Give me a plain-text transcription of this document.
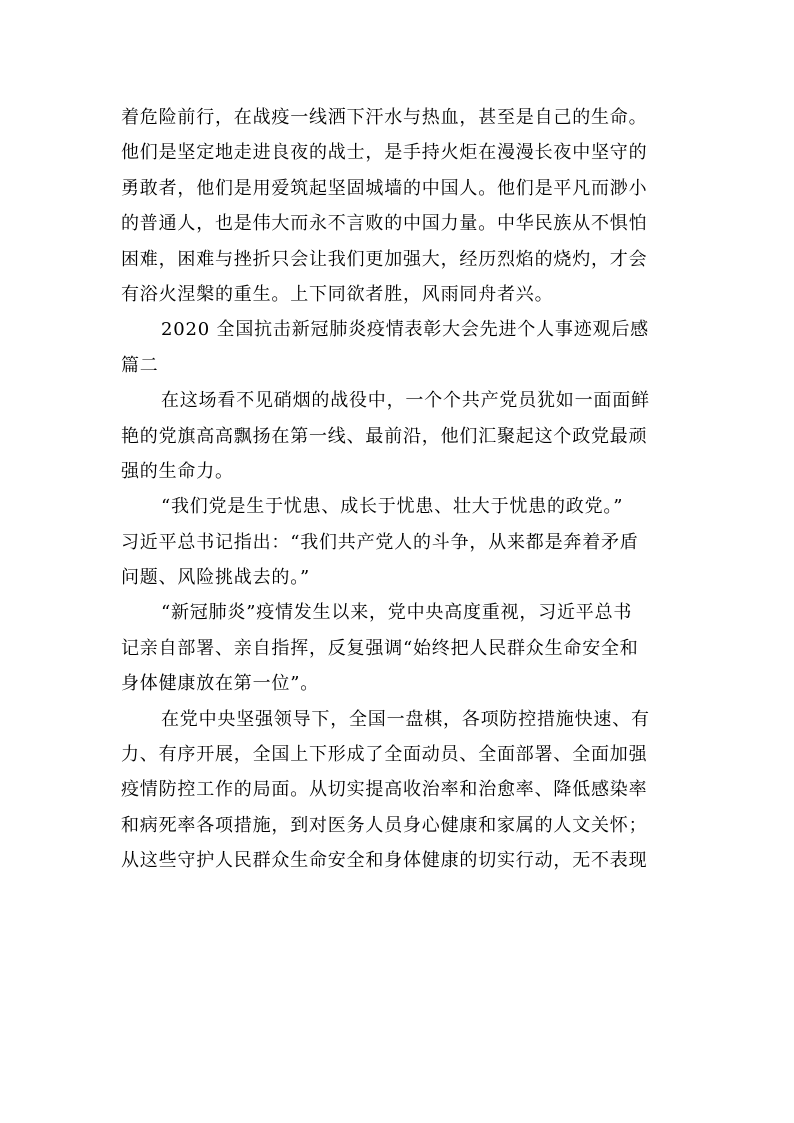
着危险前行，在战疫一线洒下汗水与热血，甚至是自己的生命。
他们是坚定地走进良夜的战士，是手持火炬在漫漫长夜中坚守的
勇敢者，他们是用爱筑起坚固城墙的中国人。他们是平凡而渺小
的普通人，也是伟大而永不言败的中国力量。中华民族从不惧怕
困难，困难与挫折只会让我们更加强大，经历烈焰的烧灼，才会
有浴火涅槃的重生。上下同欲者胜，风雨同舟者兴。
2020 全国抗击新冠肺炎疫情表彰大会先进个人事迹观后感
篇二
在这场看不见硝烟的战役中，一个个共产党员犹如一面面鲜
艳的党旗高高飘扬在第一线、最前沿，他们汇聚起这个政党最顽
强的生命力。
“我们党是生于忧患、成长于忧患、壮大于忧患的政党。”
习近平总书记指出：“我们共产党人的斗争，从来都是奔着矛盾
问题、风险挑战去的。”
“新冠肺炎”疫情发生以来，党中央高度重视，习近平总书
记亲自部署、亲自指挥，反复强调“始终把人民群众生命安全和
身体健康放在第一位”。
在党中央坚强领导下，全国一盘棋，各项防控措施快速、有
力、有序开展，全国上下形成了全面动员、全面部署、全面加强
疫情防控工作的局面。从切实提高收治率和治愈率、降低感染率
和病死率各项措施，到对医务人员身心健康和家属的人文关怀；
从这些守护人民群众生命安全和身体健康的切实行动，无不表现
